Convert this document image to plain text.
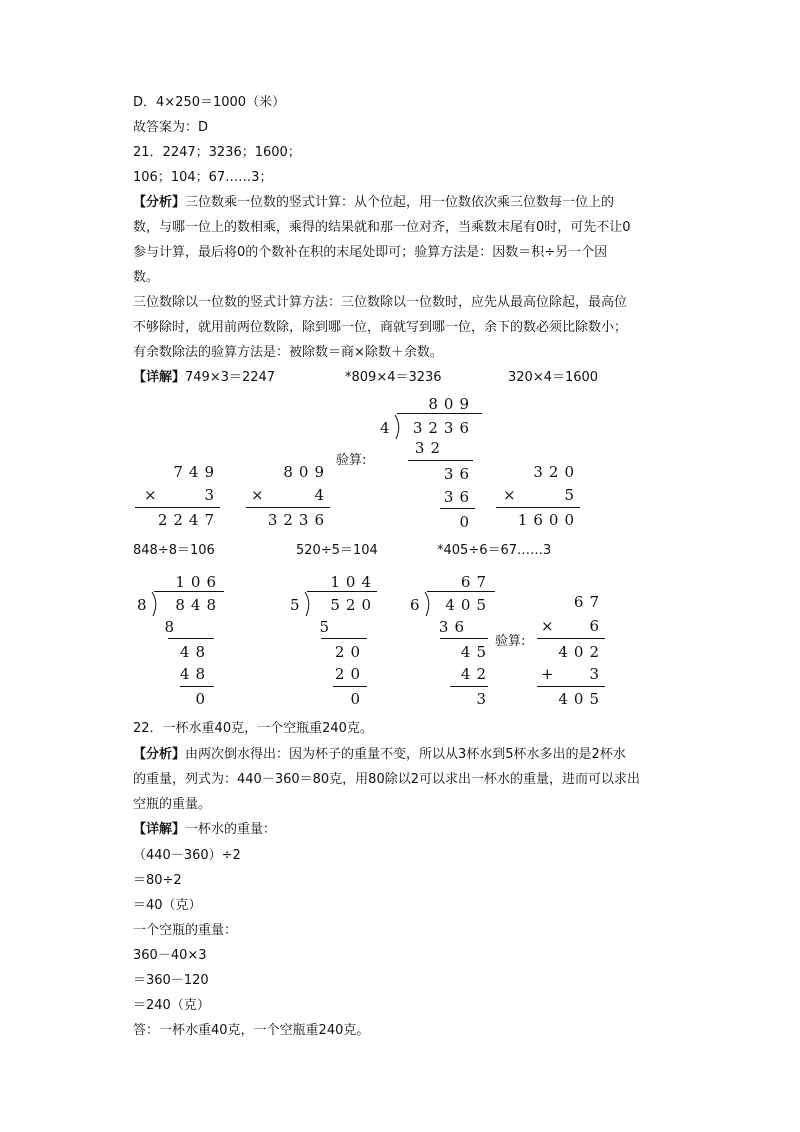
D．4×250＝1000（米）
故答案为：D
21．2247；3236；1600；
106；104；67……3；
【分析】三位数乘一位数的竖式计算：从个位起，用一位数依次乘三位数每一位上的
数，与哪一位上的数相乘，乘得的结果就和那一位对齐，当乘数末尾有0时，可先不让0
参与计算，最后将0的个数补在积的末尾处即可；验算方法是：因数＝积÷另一个因
数。
三位数除以一位数的竖式计算方法：三位数除以一位数时，应先从最高位除起，最高位
不够除时，就用前两位数除，除到哪一位，商就写到哪一位，余下的数必须比除数小；
有余数除法的验算方法是：被除数＝商×除数＋余数。
【详解】749×3＝2247	*809×4＝3236	320×4＝1600
809
4	3236
32
36
36
0
验算:
749
×	3
2247
809
×	4
3236
320
×	5
1600
848÷8＝106	520÷5＝104	*405÷6＝67……3
106
8	848
8
48
48
0
104
5	520
5
20
20
0
67
6	405
36
45
42
3
验算:
67
×	6
402
+	3
405
22．一杯水重40克，一个空瓶重240克。
【分析】由两次倒水得出：因为杯子的重量不变，所以从3杯水到5杯水多出的是2杯水
的重量，列式为：440－360＝80克，用80除以2可以求出一杯水的重量，进而可以求出
空瓶的重量。
【详解】一杯水的重量：
（440－360）÷2
＝80÷2
＝40（克）
一个空瓶的重量：
360－40×3
＝360－120
＝240（克）
答：一杯水重40克，一个空瓶重240克。
